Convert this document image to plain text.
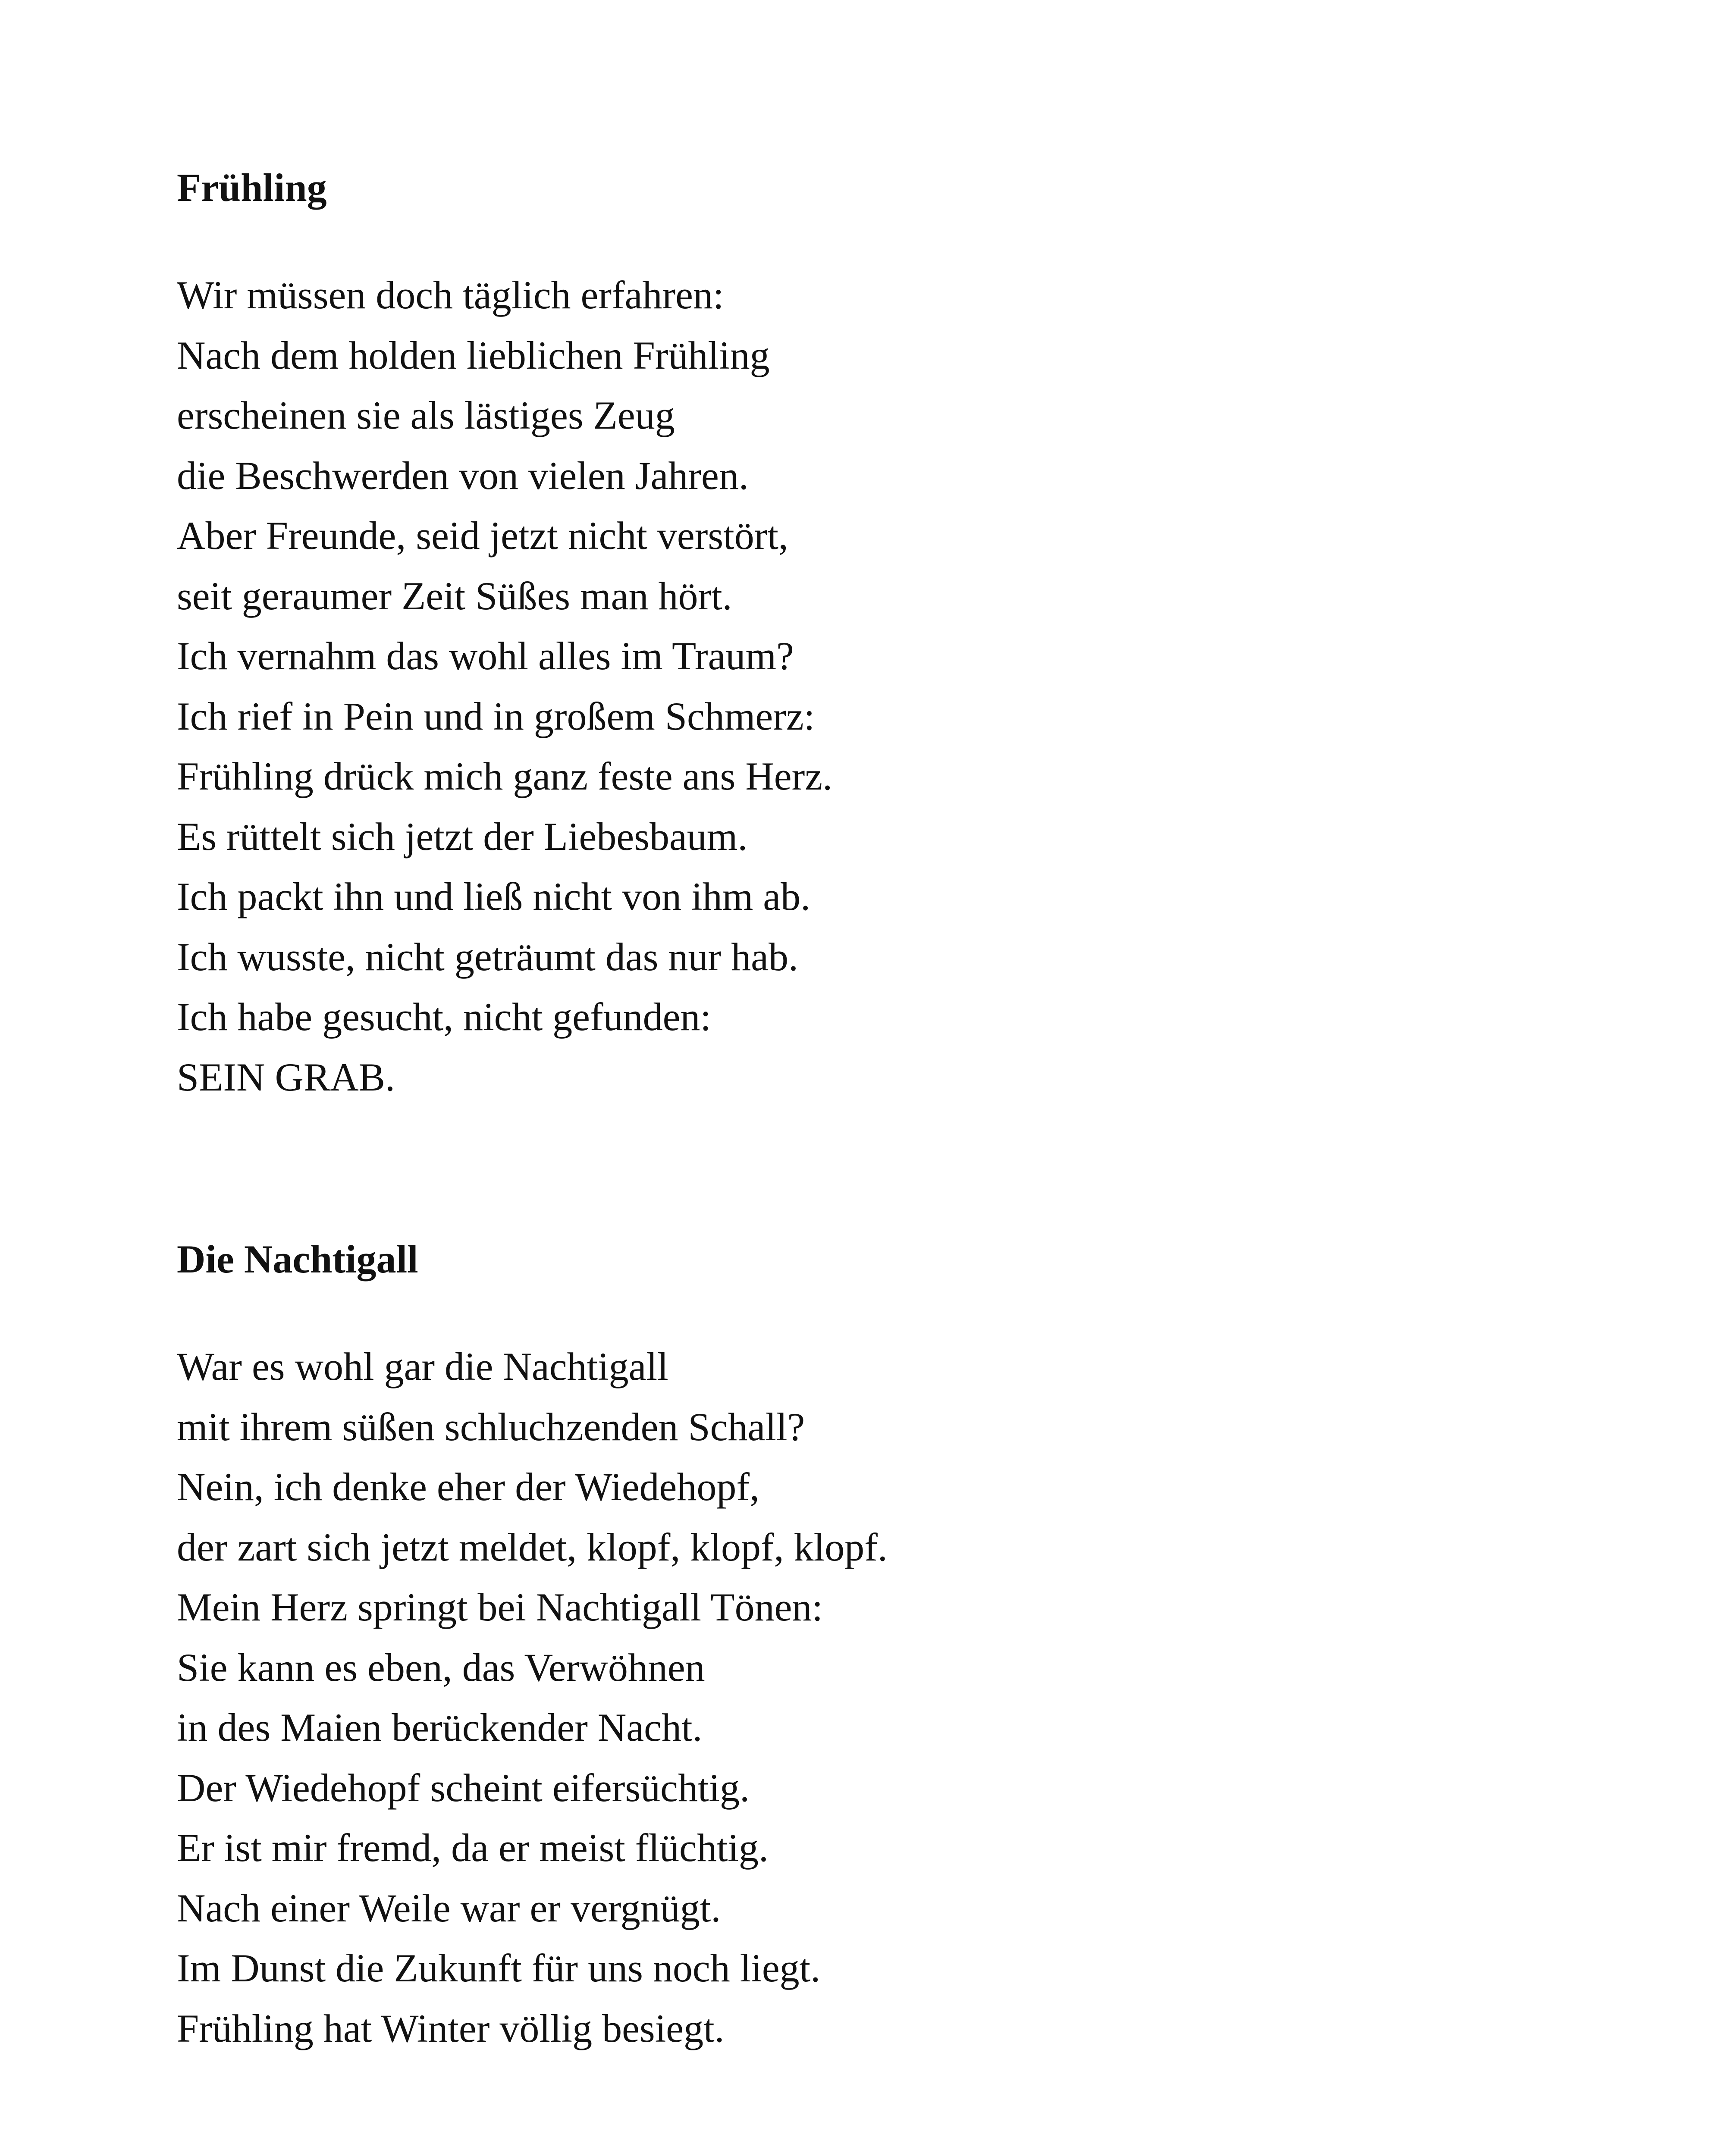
Frühling
Wir müssen doch täglich erfahren:
Nach dem holden lieblichen Frühling
erscheinen sie als lästiges Zeug
die Beschwerden von vielen Jahren.
Aber Freunde, seid jetzt nicht verstört,
seit geraumer Zeit Süßes man hört.
Ich vernahm das wohl alles im Traum?
Ich rief in Pein und in großem Schmerz:
Frühling drück mich ganz feste ans Herz.
Es rüttelt sich jetzt der Liebesbaum.
Ich packt ihn und ließ nicht von ihm ab.
Ich wusste, nicht geträumt das nur hab.
Ich habe gesucht, nicht gefunden:
SEIN GRAB.
Die Nachtigall
War es wohl gar die Nachtigall
mit ihrem süßen schluchzenden Schall?
Nein, ich denke eher der Wiedehopf,
der zart sich jetzt meldet, klopf, klopf, klopf.
Mein Herz springt bei Nachtigall Tönen:
Sie kann es eben, das Verwöhnen
in des Maien berückender Nacht.
Der Wiedehopf scheint eifersüchtig.
Er ist mir fremd, da er meist flüchtig.
Nach einer Weile war er vergnügt.
Im Dunst die Zukunft für uns noch liegt.
Frühling hat Winter völlig besiegt.
